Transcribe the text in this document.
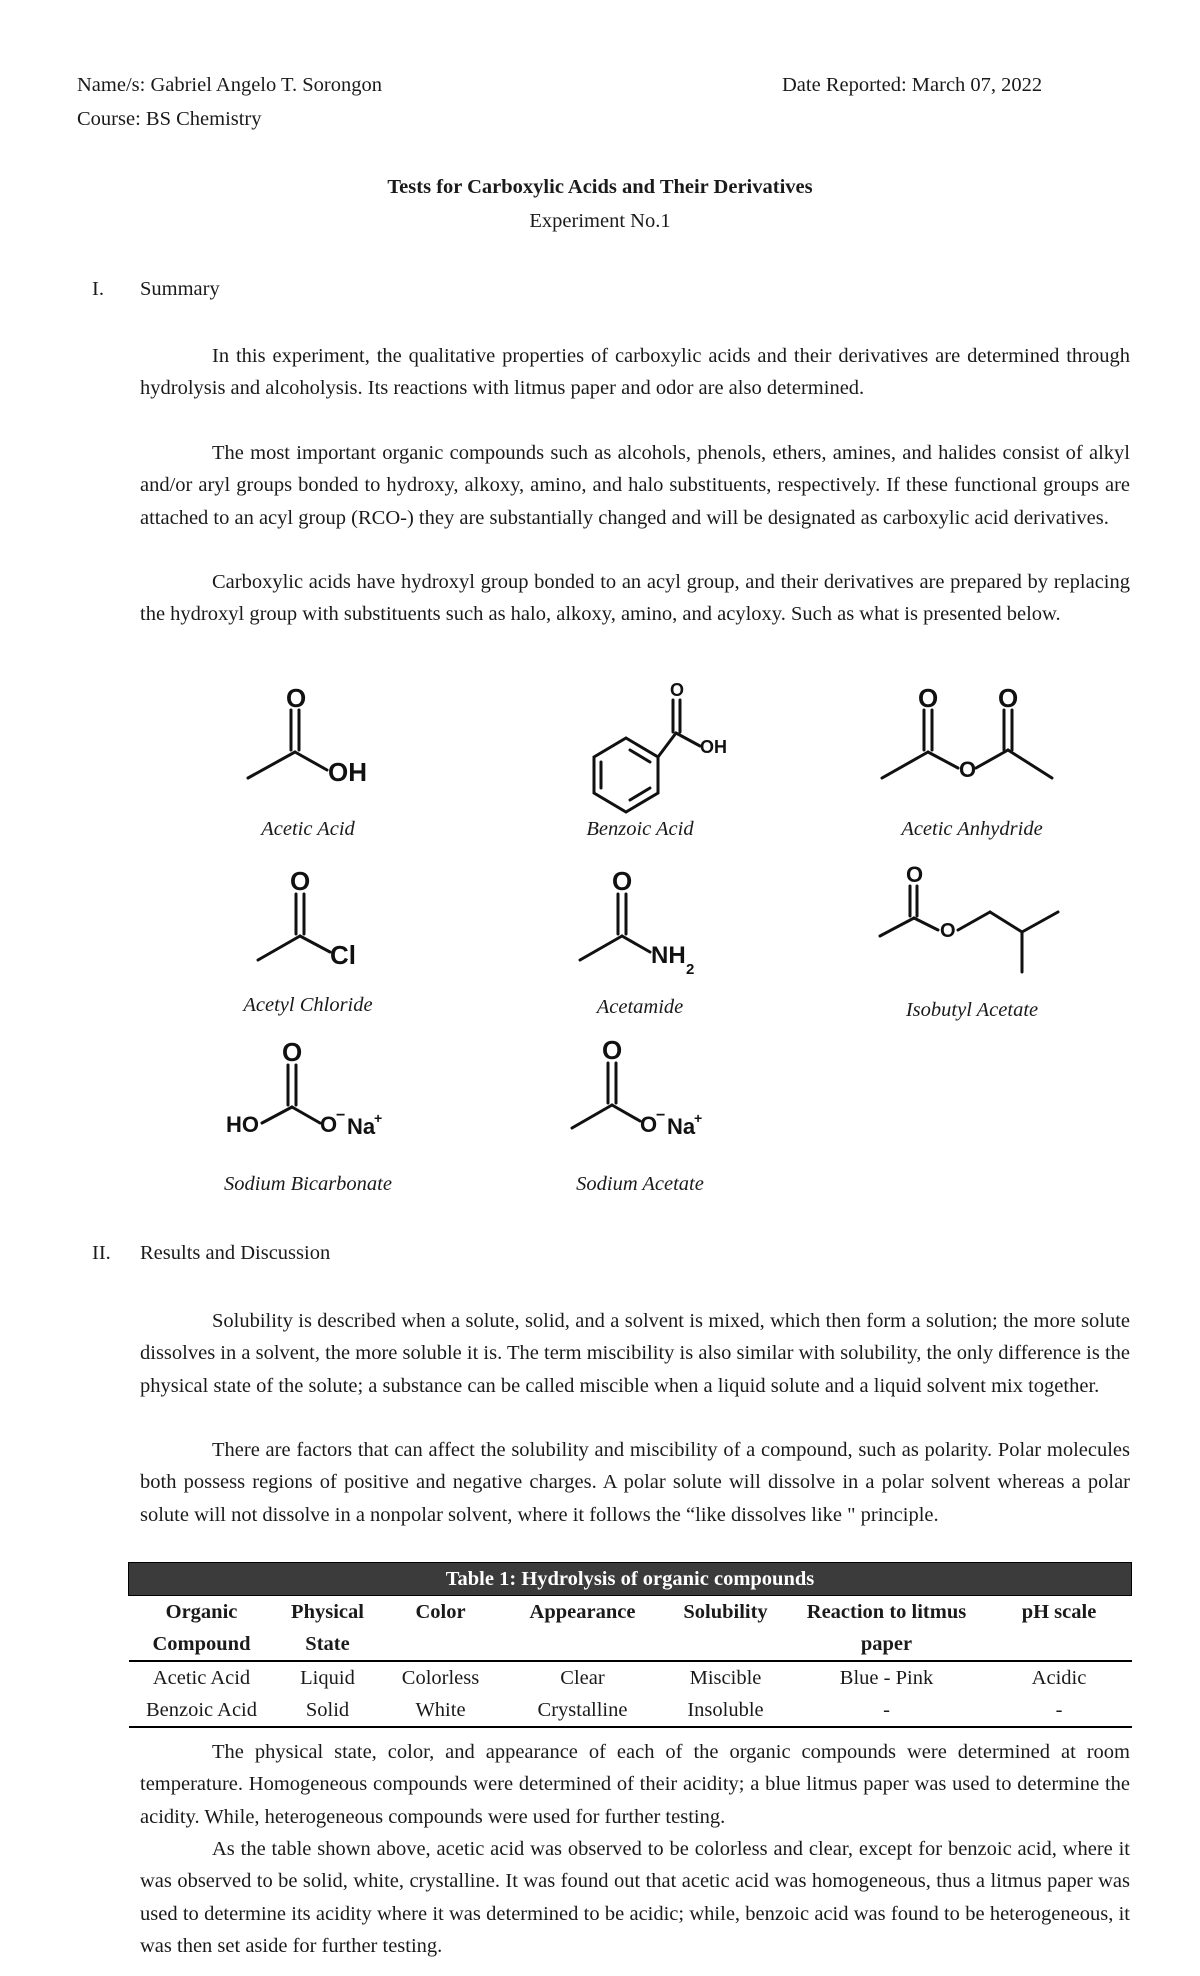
Name/s: Gabriel Angelo T. Sorongon	Date Reported: March 07, 2022
Course: BS Chemistry
Tests for Carboxylic Acids and Their Derivatives
Experiment No.1
I. Summary
In this experiment, the qualitative properties of carboxylic acids and their derivatives are determined through hydrolysis and alcoholysis. Its reactions with litmus paper and odor are also determined.
The most important organic compounds such as alcohols, phenols, ethers, amines, and halides consist of alkyl and/or aryl groups bonded to hydroxy, alkoxy, amino, and halo substituents, respectively. If these functional groups are attached to an acyl group (RCO-) they are substantially changed and will be designated as carboxylic acid derivatives.
Carboxylic acids have hydroxyl group bonded to an acyl group, and their derivatives are prepared by replacing the hydroxyl group with substituents such as halo, alkoxy, amino, and acyloxy. Such as what is presented below.
O
OH
O
OH
O
O
O
O
Cl
O
NH
2
O
O
O
HO	O
− Na
+
O
O
− Na
+
Acetic Acid	Benzoic Acid	Acetic Anhydride
Acetyl Chloride	Acetamide	Isobutyl Acetate
Sodium Bicarbonate	Sodium Acetate
II. Results and Discussion
Solubility is described when a solute, solid, and a solvent is mixed, which then form a solution; the more solute dissolves in a solvent, the more soluble it is. The term miscibility is also similar with solubility, the only difference is the physical state of the solute; a substance can be called miscible when a liquid solute and a liquid solvent mix together.
There are factors that can affect the solubility and miscibility of a compound, such as polarity. Polar molecules both possess regions of positive and negative charges. A polar solute will dissolve in a polar solvent whereas a polar solute will not dissolve in a nonpolar solvent, where it follows the “like dissolves like " principle.
Table 1: Hydrolysis of organic compounds						
Organic Compound	Physical State	Color	Appearance	Solubility	Reaction to litmus paper	pH scale
Acetic Acid	Liquid	Colorless	Clear	Miscible	Blue - Pink	Acidic
Benzoic Acid	Solid	White	Crystalline	Insoluble	-	-
The physical state, color, and appearance of each of the organic compounds were determined at room temperature. Homogeneous compounds were determined of their acidity; a blue litmus paper was used to determine the acidity. While, heterogeneous compounds were used for further testing.
As the table shown above, acetic acid was observed to be colorless and clear, except for benzoic acid, where it was observed to be solid, white, crystalline. It was found out that acetic acid was homogeneous, thus a litmus paper was used to determine its acidity where it was determined to be acidic; while, benzoic acid was found to be heterogeneous, it was then set aside for further testing.
